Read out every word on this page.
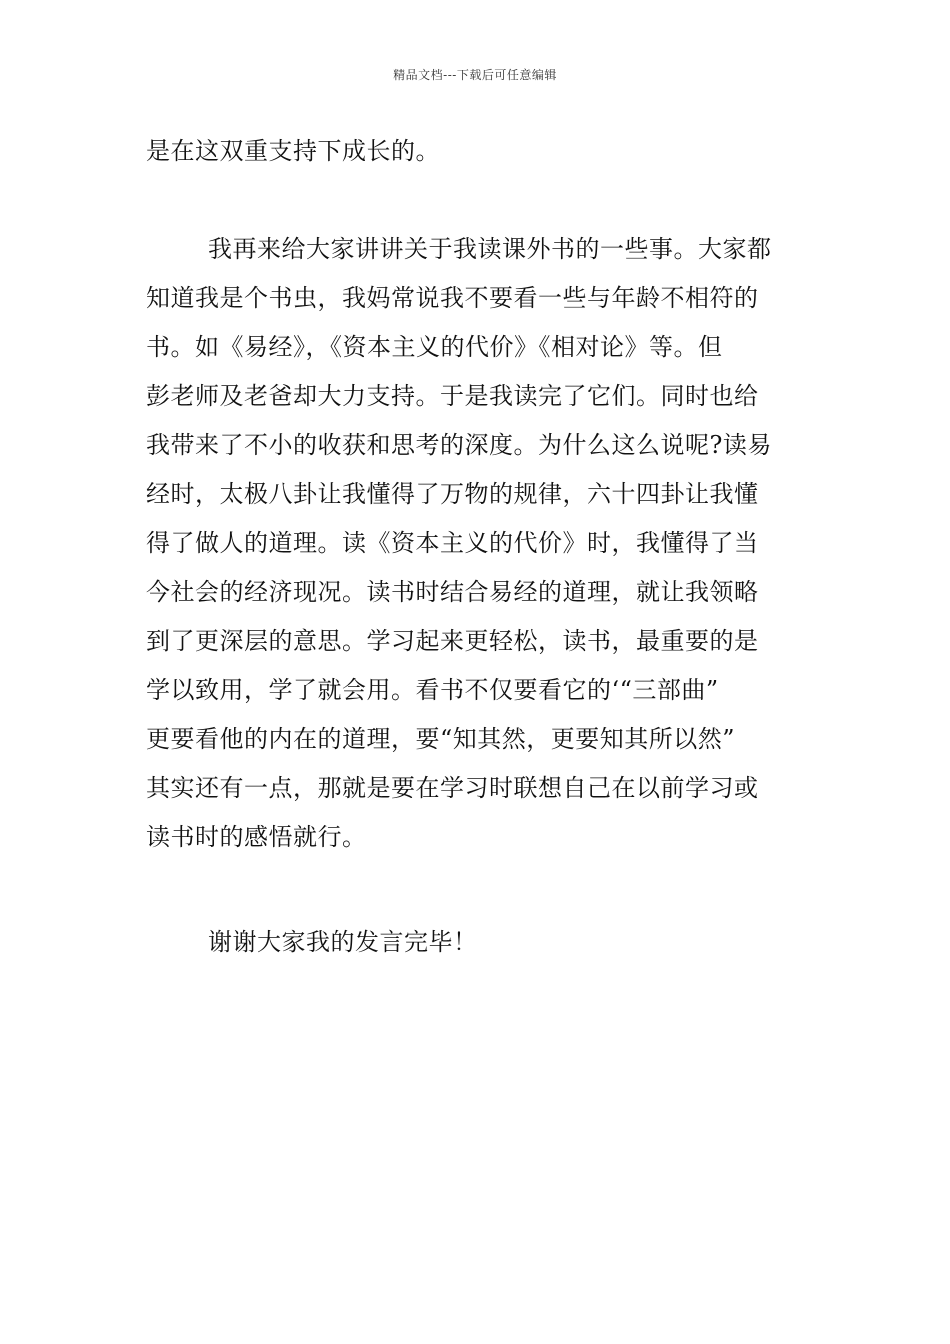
精品文档---下载后可任意编辑
是在这双重支持下成长的。
我再来给大家讲讲关于我读课外书的一些事。大家都
知道我是个书虫，我妈常说我不要看一些与年龄不相符的
书。如《易经》，《资本主义的代价》《相对论》等。但
彭老师及老爸却大力支持。于是我读完了它们。同时也给
我带来了不小的收获和思考的深度。为什么这么说呢?读易
经时，太极八卦让我懂得了万物的规律，六十四卦让我懂
得了做人的道理。读《资本主义的代价》时，我懂得了当
今社会的经济现况。读书时结合易经的道理，就让我领略
到了更深层的意思。学习起来更轻松，读书，最重要的是
学以致用，学了就会用。看书不仅要看它的‘“三部曲”
更要看他的内在的道理，要“知其然，更要知其所以然”
其实还有一点，那就是要在学习时联想自己在以前学习或
读书时的感悟就行。
谢谢大家我的发言完毕！
